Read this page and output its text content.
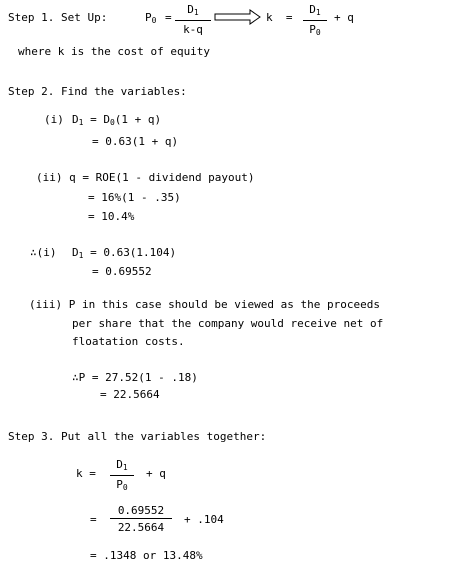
Step 1. Set Up:	$P_0$ =
$D_1$
k-q
k  =
$D_1$
$P_0$
+ q
where k is the cost of equity
Step 2. Find the variables:
(i) $D_1 = D_0(1 + q)$
= 0.63(1 + q)
(ii) q = ROE(1 - dividend payout)
= 16%(1 - .35)
= 10.4%
∴(i) $D_1 = 0.63(1.104)$
= 0.69552
(iii) P in this case should be viewed as the proceeds
per share that the company would receive net of
floatation costs.
∴P = 27.52(1 - .18)
= 22.5664
Step 3. Put all the variables together:
k =
$D_1$
$P_0$
+ q
=
0.69552
22.5664
+ .104
= .1348 or 13.48%
